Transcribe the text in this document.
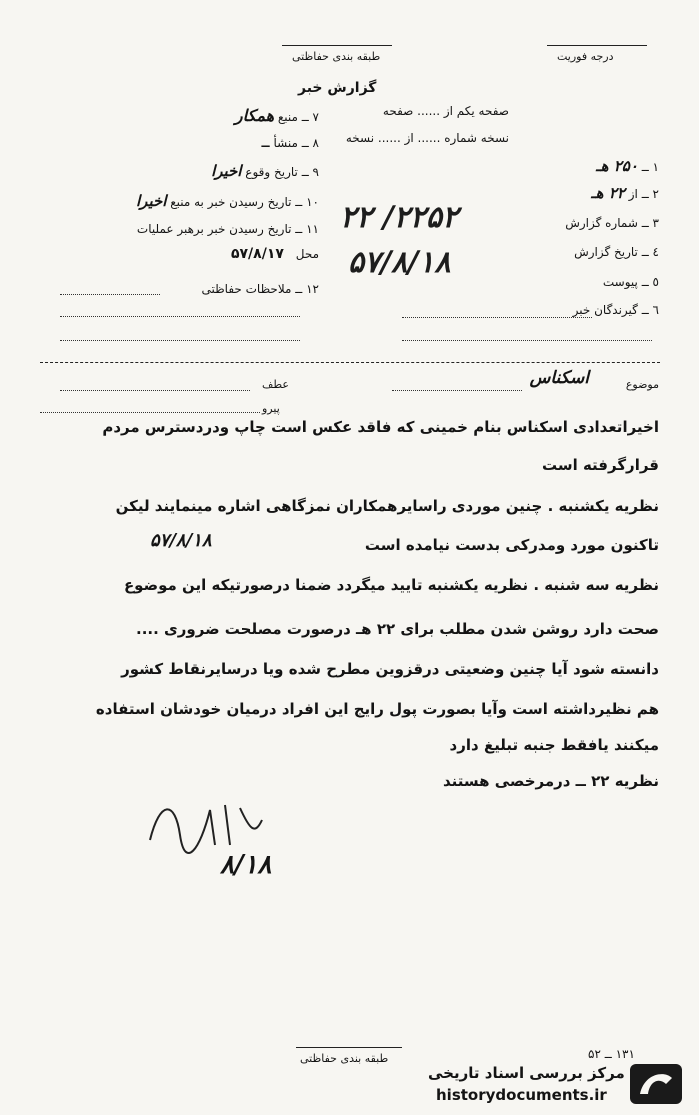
طبقه بندی حفاظتی	درجه فوریت
گزارش خبر
صفحه یکم از ...... صفحه
نسخه شماره ...... از ...... نسخه
۱ ــ ۲۵۰ هـ
۲ ــ از ۲۲ هـ
۳ ــ شماره گزارش
٤ ــ تاریخ گزارش
٥ ــ پیوست
٦ ــ گیرندگان خبر
۲۲۵۲/ ۲۲
۵۷/۸/۱۸
۷ ــ منبع همکار
۸ ــ منشأ ــ
۹ ــ تاریخ وقوع اخیرا
۱۰ ــ تاریخ رسیدن خبر به منبع اخیرا
۱۱ ــ تاریخ رسیدن خبر برهبر عملیات
محل ۵۷/۸/۱۷
۱۲ ــ ملاحظات حفاظتی
موضوع
اسکناس
عطف
پیرو
اخیراتعدادی اسکناس بنام خمینی که فاقد عکس است چاپ ودردسترس مردم
قرارگرفته است
نظریه یکشنبه . چنین موردی راسایرهمکاران نمزگاهی اشاره مینمایند لیکن
تاکنون مورد ومدرکی بدست نیامده است
۵۷/۸/۱۸
نظریه سه شنبه . نظریه یکشنبه تایید میگردد ضمنا درصورتیکه این موضوع
صحت دارد روشن شدن مطلب برای ۲۲ هـ درصورت مصلحت ضروری ....
دانسته شود آیا چنین وضعیتی درقزوین مطرح شده ویا درسایرنقاط کشور
هم نظیرداشته است وآیا بصورت پول رایج این افراد درمیان خودشان استفاده
میکنند یافقط جنبه تبلیغ دارد
نظریه ۲۲ ــ درمرخصی هستند
۸/۱۸
طبقه بندی حفاظتی	۱۳۱ ــ ۵۲
مرکز بررسی اسناد تاریخی
historydocuments.ir
